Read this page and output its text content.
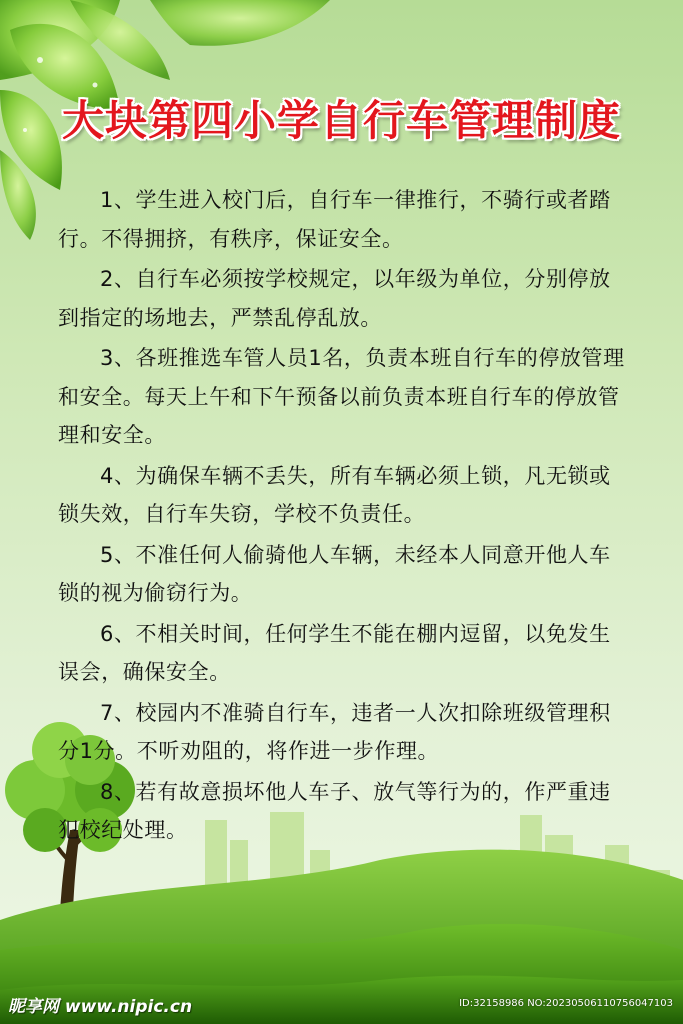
大块第四小学自行车管理制度

1、学生进入校门后，自行车一律推行，不骑行或者踏行。不得拥挤，有秩序，保证安全。

2、自行车必须按学校规定，以年级为单位，分别停放到指定的场地去，严禁乱停乱放。

3、各班推选车管人员1名，负责本班自行车的停放管理和安全。每天上午和下午预备以前负责本班自行车的停放管理和安全。

4、为确保车辆不丢失，所有车辆必须上锁，凡无锁或锁失效，自行车失窃，学校不负责任。

5、不准任何人偷骑他人车辆，未经本人同意开他人车锁的视为偷窃行为。

6、不相关时间，任何学生不能在棚内逗留，以免发生误会，确保安全。

7、校园内不准骑自行车，违者一人次扣除班级管理积分1分。不听劝阻的，将作进一步作理。

8、若有故意损坏他人车子、放气等行为的，作严重违犯校纪处理。

昵享网 www.nipic.cn	ID:32158986 NO:20230506110756047103
